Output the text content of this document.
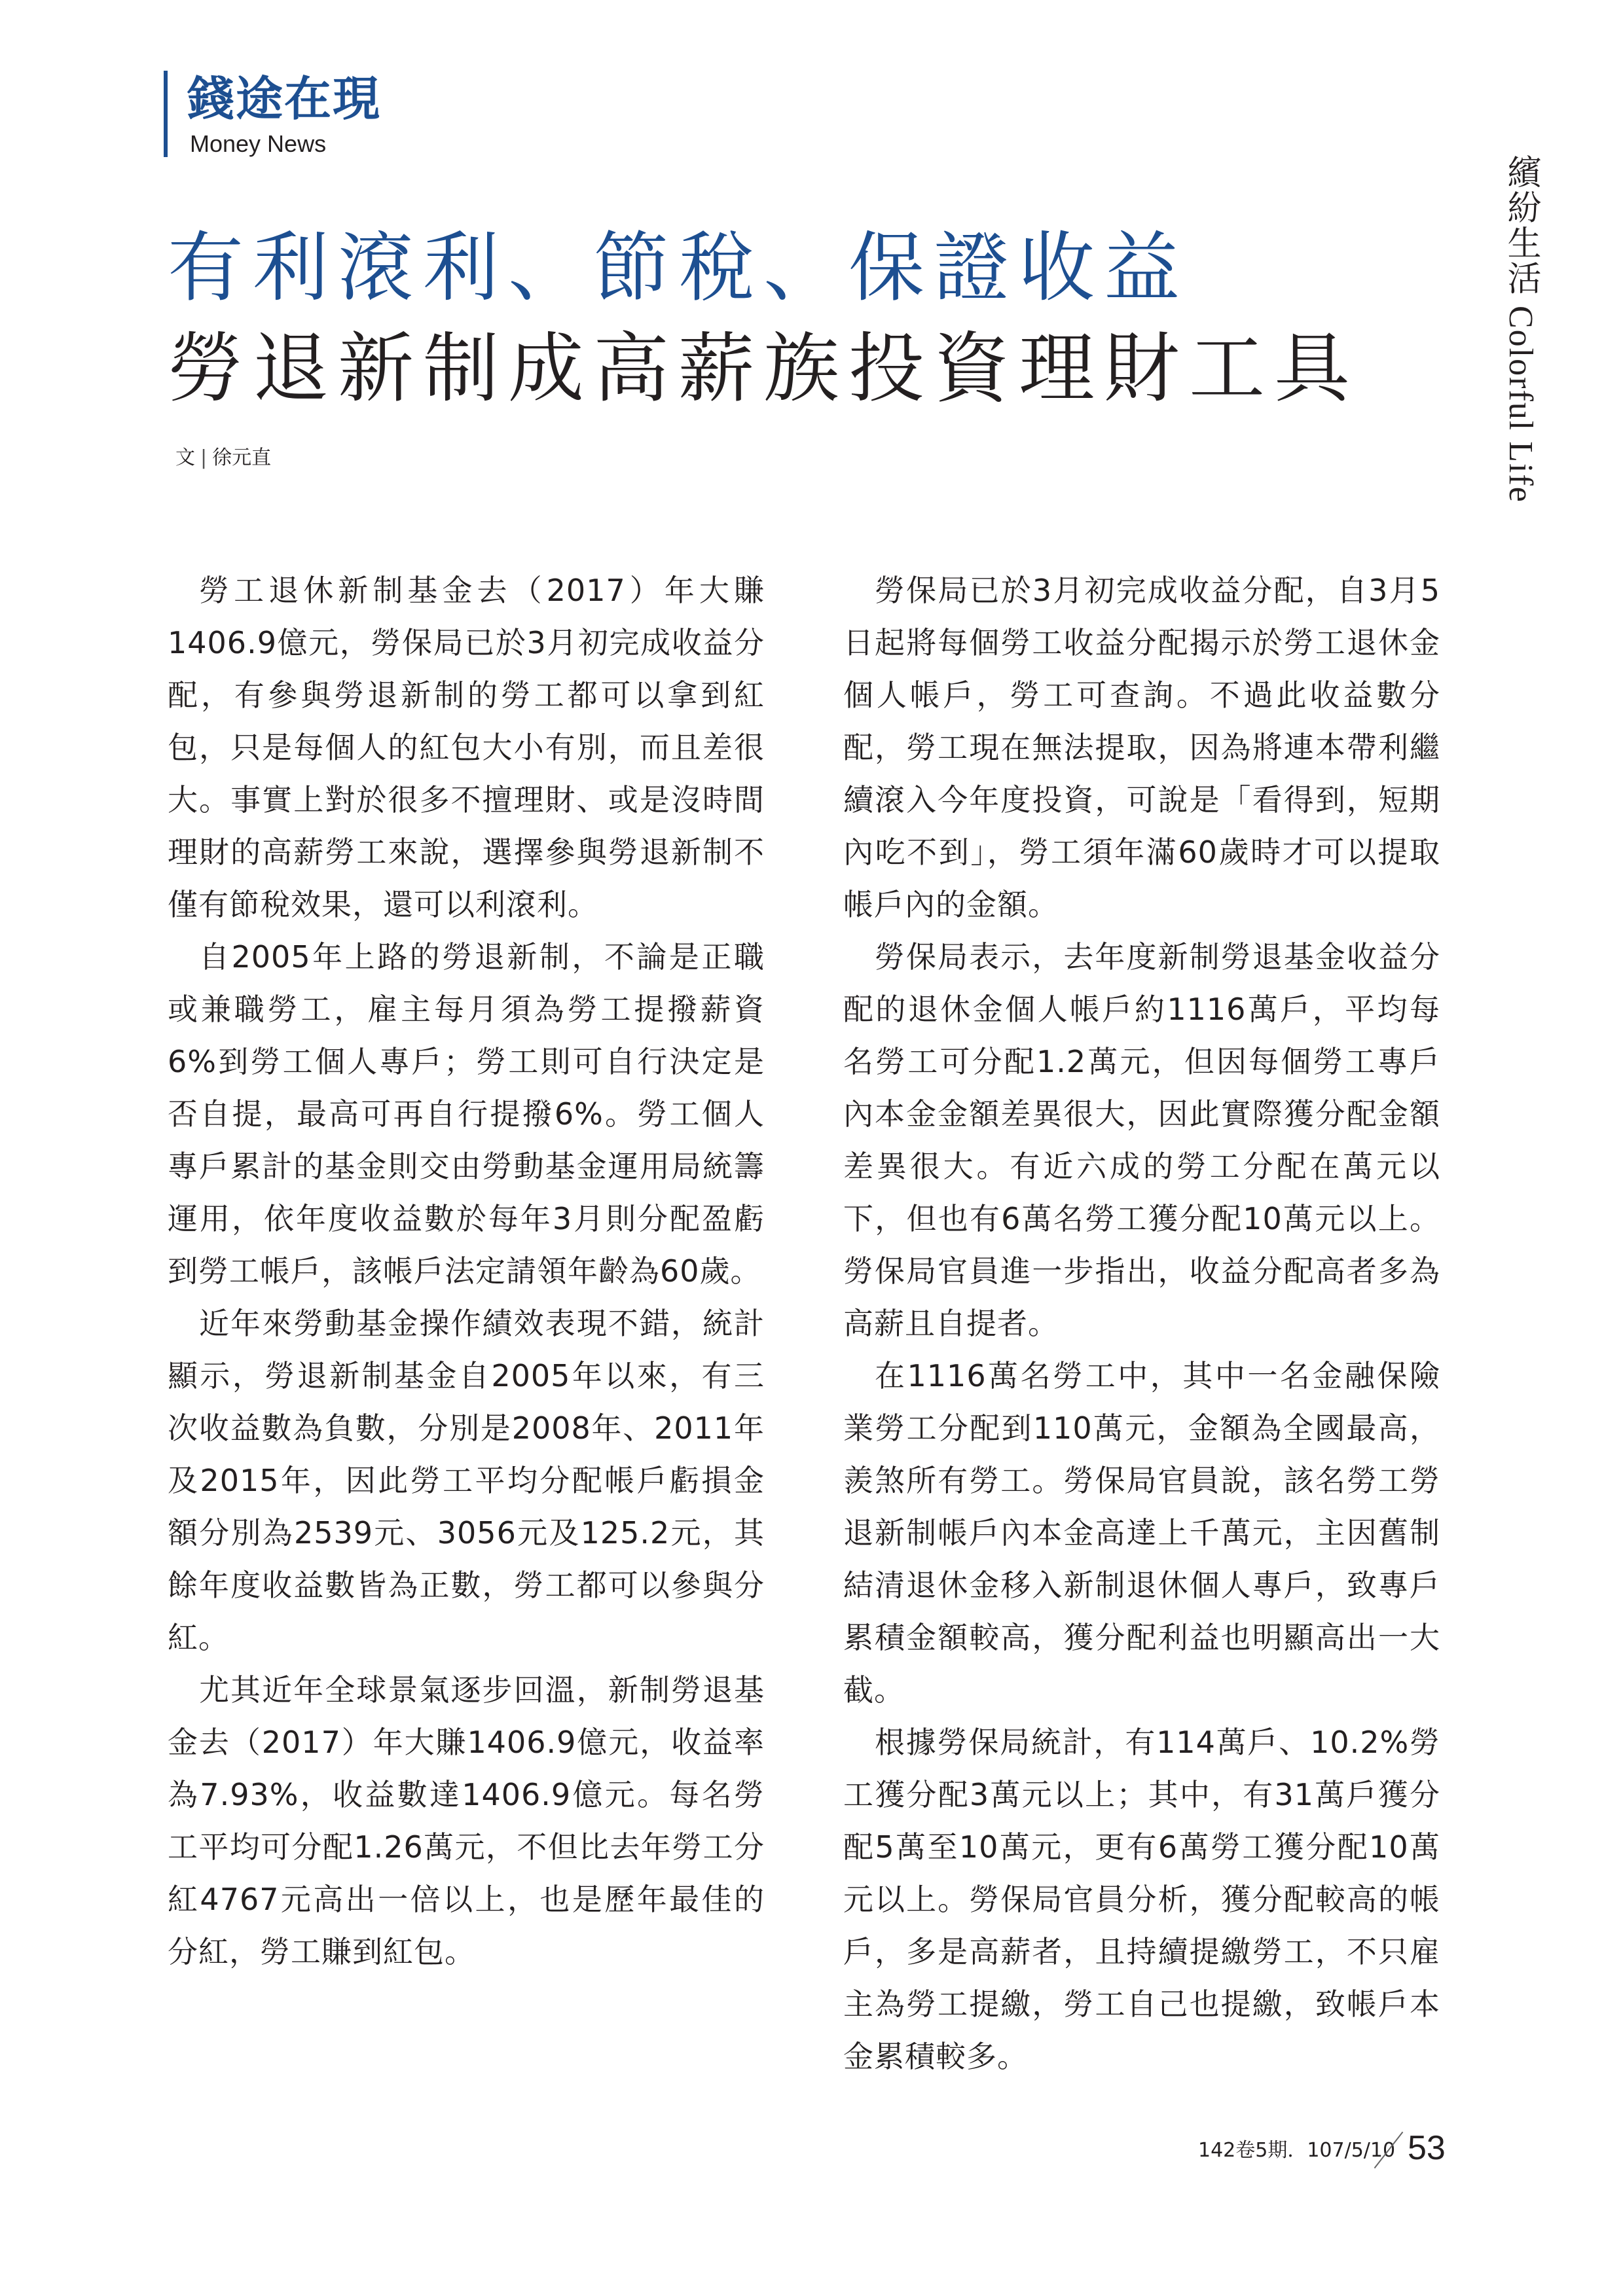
錢途在現
Money News
繽紛生活 Colorful Life
有利滾利、節稅、保證收益
勞退新制成高薪族投資理財工具
文 | 徐元直

勞工退休新制基金去（2017）年大賺1406.9億元，勞保局已於3月初完成收益分配，有參與勞退新制的勞工都可以拿到紅包，只是每個人的紅包大小有別，而且差很大。事實上對於很多不擅理財、或是沒時間理財的高薪勞工來說，選擇參與勞退新制不僅有節稅效果，還可以利滾利。

自2005年上路的勞退新制，不論是正職或兼職勞工，雇主每月須為勞工提撥薪資6%到勞工個人專戶；勞工則可自行決定是否自提，最高可再自行提撥6%。勞工個人專戶累計的基金則交由勞動基金運用局統籌運用，依年度收益數於每年3月則分配盈虧到勞工帳戶，該帳戶法定請領年齡為60歲。

近年來勞動基金操作績效表現不錯，統計顯示，勞退新制基金自2005年以來，有三次收益數為負數，分別是2008年、2011年及2015年，因此勞工平均分配帳戶虧損金額分別為2539元、3056元及125.2元，其餘年度收益數皆為正數，勞工都可以參與分紅。

尤其近年全球景氣逐步回溫，新制勞退基金去（2017）年大賺1406.9億元，收益率為7.93%，收益數達1406.9億元。每名勞工平均可分配1.26萬元，不但比去年勞工分紅4767元高出一倍以上，也是歷年最佳的分紅，勞工賺到紅包。

勞保局已於3月初完成收益分配，自3月5日起將每個勞工收益分配揭示於勞工退休金個人帳戶，勞工可查詢。不過此收益數分配，勞工現在無法提取，因為將連本帶利繼續滾入今年度投資，可說是「看得到，短期內吃不到」，勞工須年滿60歲時才可以提取帳戶內的金額。

勞保局表示，去年度新制勞退基金收益分配的退休金個人帳戶約1116萬戶，平均每名勞工可分配1.2萬元，但因每個勞工專戶內本金金額差異很大，因此實際獲分配金額差異很大。有近六成的勞工分配在萬元以下，但也有6萬名勞工獲分配10萬元以上。勞保局官員進一步指出，收益分配高者多為高薪且自提者。

在1116萬名勞工中，其中一名金融保險業勞工分配到110萬元，金額為全國最高，羨煞所有勞工。勞保局官員說，該名勞工勞退新制帳戶內本金高達上千萬元，主因舊制結清退休金移入新制退休個人專戶，致專戶累積金額較高，獲分配利益也明顯高出一大截。

根據勞保局統計，有114萬戶、10.2%勞工獲分配3萬元以上；其中，有31萬戶獲分配5萬至10萬元，更有6萬勞工獲分配10萬元以上。勞保局官員分析，獲分配較高的帳戶，多是高薪者，且持續提繳勞工，不只雇主為勞工提繳，勞工自己也提繳，致帳戶本金累積較多。

142卷5期．107/5/10 53
